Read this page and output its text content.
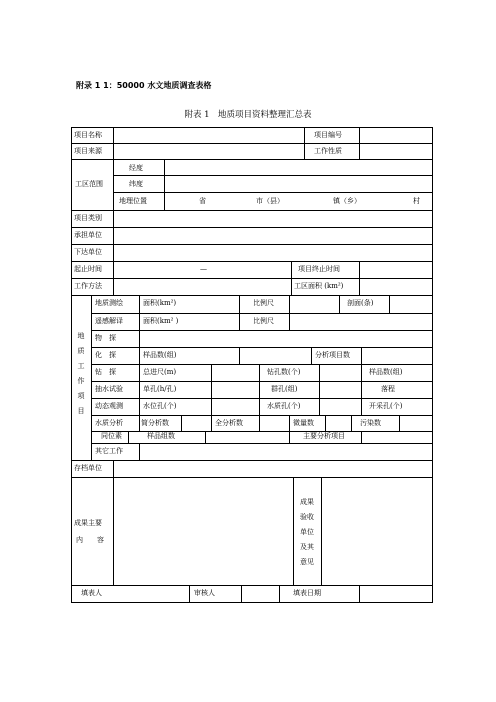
附录 1 1：50000 水文地质调查表格
附表 1　地质项目资料整理汇总表
项目名称	项目编号
项目来源	工作性质
工区范围
经度
纬度
地理位置	省	市（县）	镇（乡）	村
项目类别
承担单位
下达单位
起止时间	—	项目终止时间
工作方法	工区面积 (km²)
地
质
工
作
项
目
地质测绘	面积(km²)	比例尺	剖面(条)
遥感解译	面积(km² )	比例尺
物　探
化　探	样品数(组)	分析项目数
钻　探	总进尺(m)	钻孔数(个)	样品数(组)
抽水试验	单孔(h/孔)	群孔(组)	落程
动态观测	水位孔(个)	水质孔(个)	开采孔(个)
水质分析	简分析数	全分析数	微量数	污染数
同位素	样品组数	主要分析项目
其它工作
存档单位
成果主要
内　　容
成果
验收
单位
及其
意见
填表人	审核人	填表日期
